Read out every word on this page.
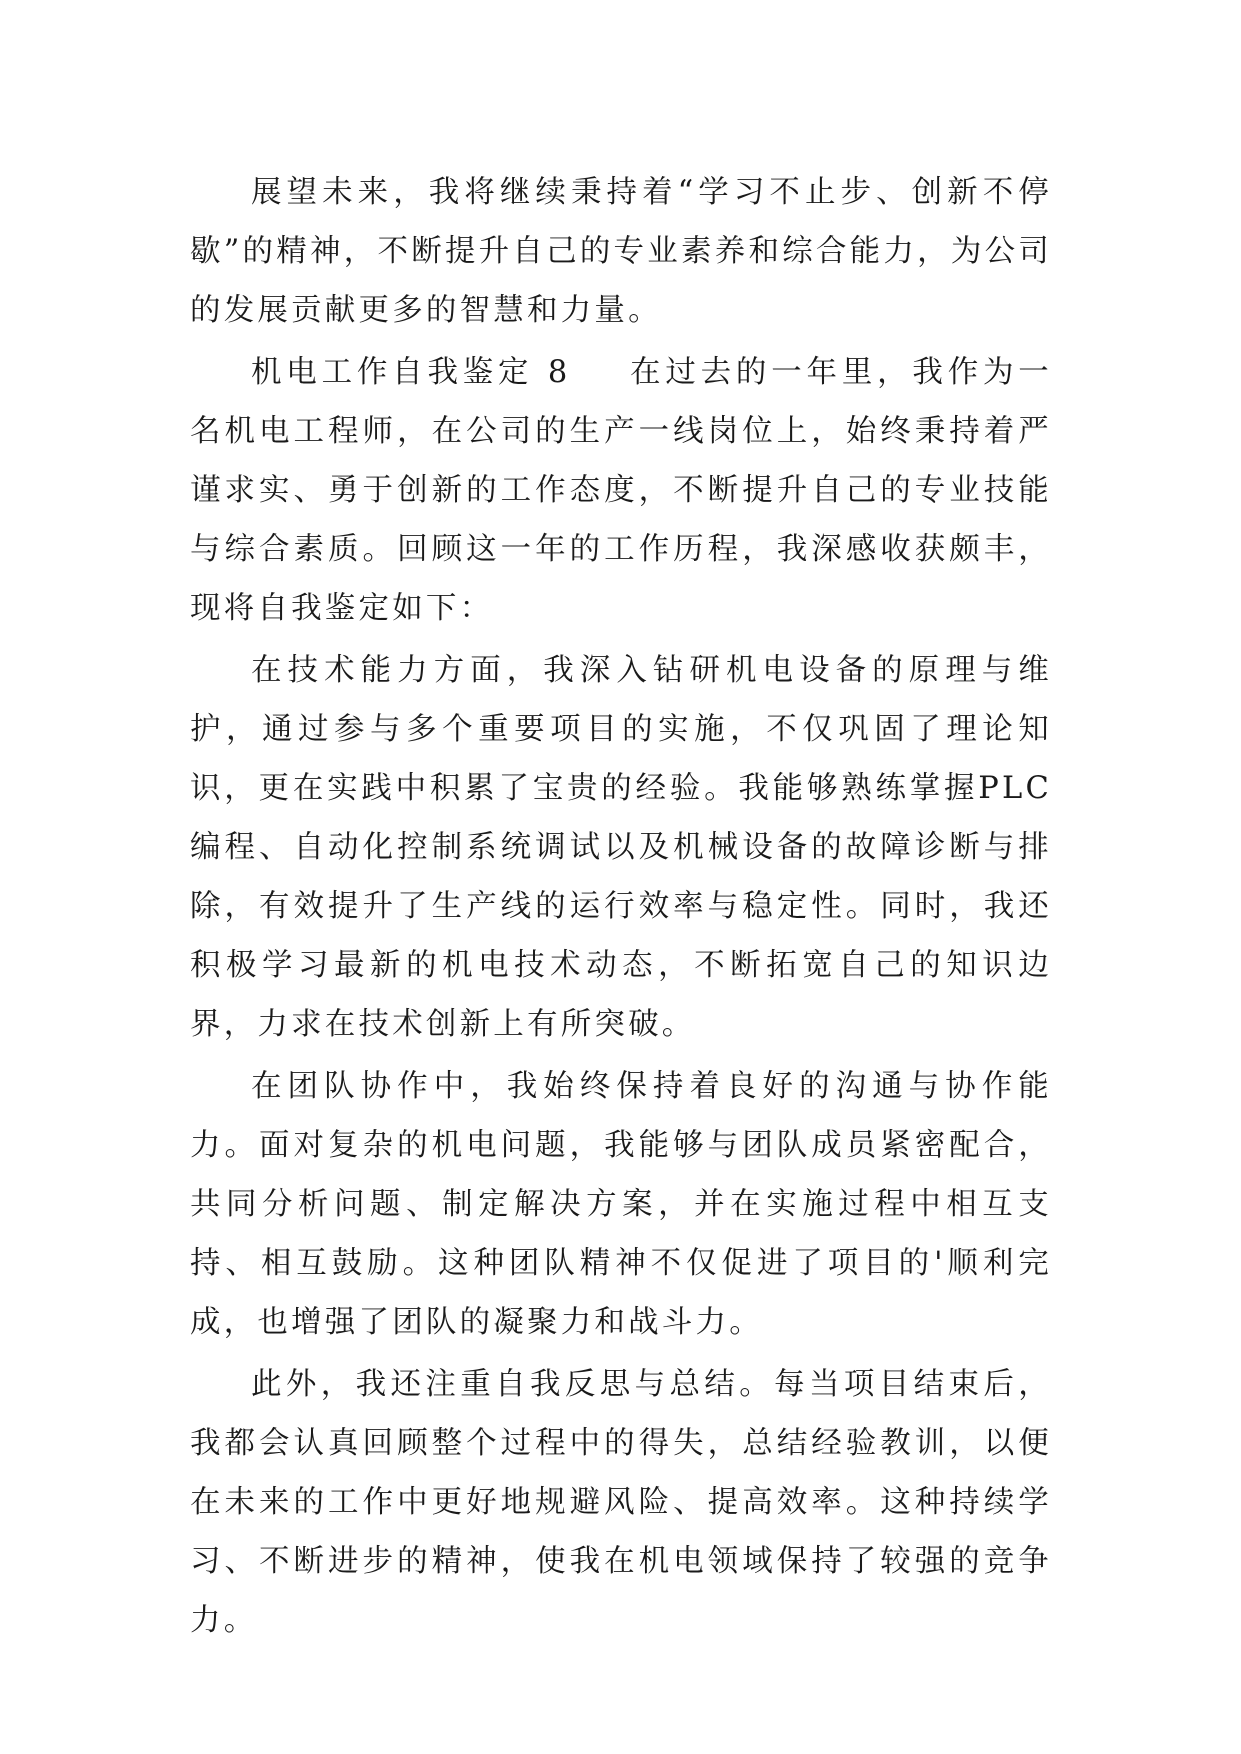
展望未来，我将继续秉持着“学习不止步、创新不停歇”的精神，不断提升自己的专业素养和综合能力，为公司的发展贡献更多的智慧和力量。

机电工作自我鉴定 8 在过去的一年里，我作为一名机电工程师，在公司的生产一线岗位上，始终秉持着严谨求实、勇于创新的工作态度，不断提升自己的专业技能与综合素质。回顾这一年的工作历程，我深感收获颇丰，现将自我鉴定如下：

在技术能力方面，我深入钻研机电设备的原理与维护，通过参与多个重要项目的实施，不仅巩固了理论知识，更在实践中积累了宝贵的经验。我能够熟练掌握PLC编程、自动化控制系统调试以及机械设备的故障诊断与排除，有效提升了生产线的运行效率与稳定性。同时，我还积极学习最新的机电技术动态，不断拓宽自己的知识边界，力求在技术创新上有所突破。

在团队协作中，我始终保持着良好的沟通与协作能力。面对复杂的机电问题，我能够与团队成员紧密配合，共同分析问题、制定解决方案，并在实施过程中相互支持、相互鼓励。这种团队精神不仅促进了项目的'顺利完成，也增强了团队的凝聚力和战斗力。

此外，我还注重自我反思与总结。每当项目结束后，我都会认真回顾整个过程中的得失，总结经验教训，以便在未来的工作中更好地规避风险、提高效率。这种持续学习、不断进步的精神，使我在机电领域保持了较强的竞争力。
